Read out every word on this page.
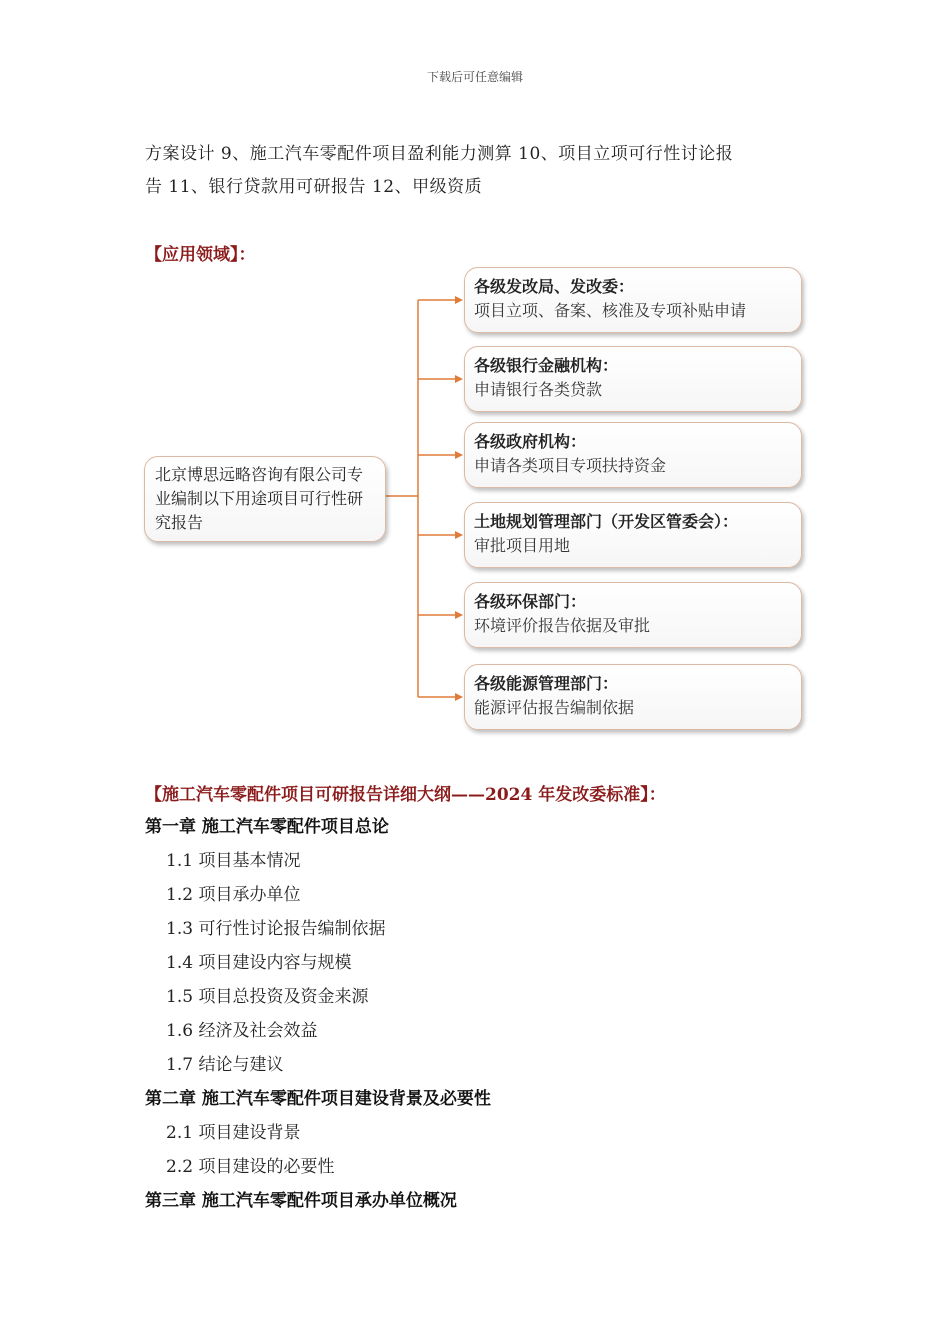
下载后可任意编辑
方案设计 9、施工汽车零配件项目盈利能力测算 10、项目立项可行性讨论报
告 11、银行贷款用可研报告 12、甲级资质
【应用领域】：
北京博思远略咨询有限公司专业编制以下用途项目可行性研究报告
各级发改局、发改委：
项目立项、备案、核准及专项补贴申请
各级银行金融机构：
申请银行各类贷款
各级政府机构：
申请各类项目专项扶持资金
土地规划管理部门（开发区管委会）：
审批项目用地
各级环保部门：
环境评价报告依据及审批
各级能源管理部门：
能源评估报告编制依据
【施工汽车零配件项目可研报告详细大纲——2024 年发改委标准】：
第一章 施工汽车零配件项目总论
1.1 项目基本情况
1.2 项目承办单位
1.3 可行性讨论报告编制依据
1.4 项目建设内容与规模
1.5 项目总投资及资金来源
1.6 经济及社会效益
1.7 结论与建议
第二章 施工汽车零配件项目建设背景及必要性
2.1 项目建设背景
2.2 项目建设的必要性
第三章 施工汽车零配件项目承办单位概况
